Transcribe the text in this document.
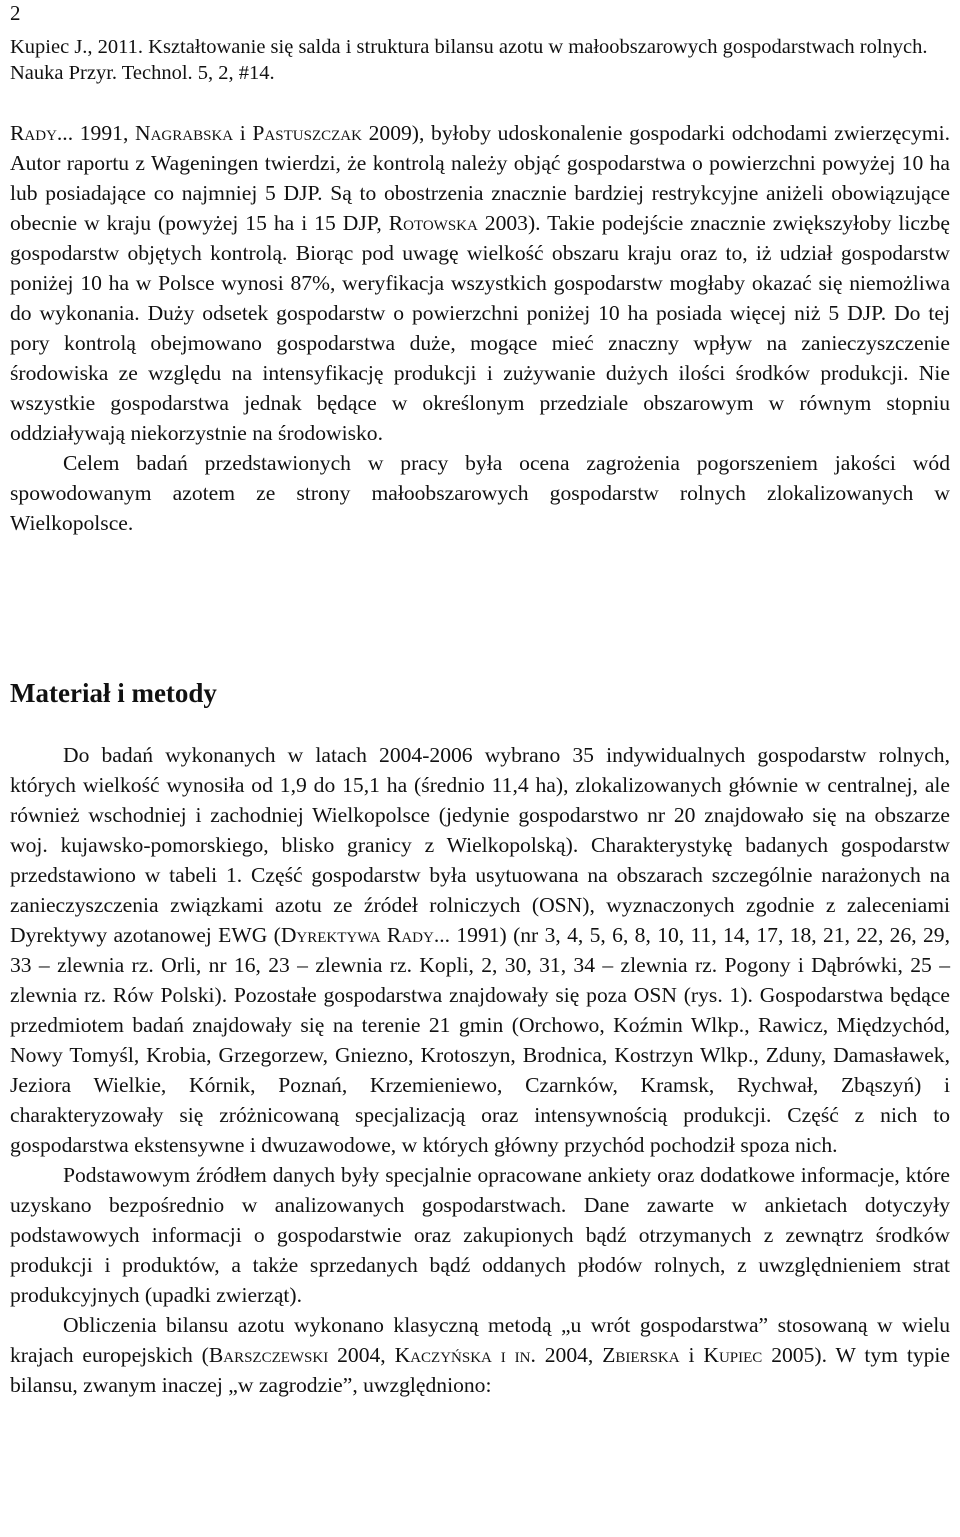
2
Kupiec J., 2011. Kształtowanie się salda i struktura bilansu azotu w małoobszarowych gospodarstwach rolnych.
Nauka Przyr. Technol. 5, 2, #14.

Rady... 1991, Nagrabska i Pastuszczak 2009), byłoby udoskonalenie gospodarki odchodami zwierzęcymi. Autor raportu z Wageningen twierdzi, że kontrolą należy objąć gospodarstwa o powierzchni powyżej 10 ha lub posiadające co najmniej 5 DJP. Są to obostrzenia znacznie bardziej restrykcyjne aniżeli obowiązujące obecnie w kraju (powyżej 15 ha i 15 DJP, Rotowska 2003). Takie podejście znacznie zwiększyłoby liczbę gospodarstw objętych kontrolą. Biorąc pod uwagę wielkość obszaru kraju oraz to, iż udział gospodarstw poniżej 10 ha w Polsce wynosi 87%, weryfikacja wszystkich gospodarstw mogłaby okazać się niemożliwa do wykonania. Duży odsetek gospodarstw o powierzchni poniżej 10 ha posiada więcej niż 5 DJP. Do tej pory kontrolą obejmowano gospodarstwa duże, mogące mieć znaczny wpływ na zanieczyszczenie środowiska ze względu na intensyfikację produkcji i zużywanie dużych ilości środków produkcji. Nie wszystkie gospodarstwa jednak będące w określonym przedziale obszarowym w równym stopniu oddziaływają niekorzystnie na środowisko.

Celem badań przedstawionych w pracy była ocena zagrożenia pogorszeniem jakości wód spowodowanym azotem ze strony małoobszarowych gospodarstw rolnych zlokalizowanych w Wielkopolsce.

Materiał i metody

Do badań wykonanych w latach 2004-2006 wybrano 35 indywidualnych gospodarstw rolnych, których wielkość wynosiła od 1,9 do 15,1 ha (średnio 11,4 ha), zlokalizowanych głównie w centralnej, ale również wschodniej i zachodniej Wielkopolsce (jedynie gospodarstwo nr 20 znajdowało się na obszarze woj. kujawsko-pomorskiego, blisko granicy z Wielkopolską). Charakterystykę badanych gospodarstw przedstawiono w tabeli 1. Część gospodarstw była usytuowana na obszarach szczególnie narażonych na zanieczyszczenia związkami azotu ze źródeł rolniczych (OSN), wyznaczonych zgodnie z zaleceniami Dyrektywy azotanowej EWG (Dyrektywa Rady... 1991) (nr 3, 4, 5, 6, 8, 10, 11, 14, 17, 18, 21, 22, 26, 29, 33 – zlewnia rz. Orli, nr 16, 23 – zlewnia rz. Kopli, 2, 30, 31, 34 – zlewnia rz. Pogony i Dąbrówki, 25 – zlewnia rz. Rów Polski). Pozostałe gospodarstwa znajdowały się poza OSN (rys. 1). Gospodarstwa będące przedmiotem badań znajdowały się na terenie 21 gmin (Orchowo, Koźmin Wlkp., Rawicz, Międzychód, Nowy Tomyśl, Krobia, Grzegorzew, Gniezno, Krotoszyn, Brodnica, Kostrzyn Wlkp., Zduny, Damasławek, Jeziora Wielkie, Kórnik, Poznań, Krzemieniewo, Czarnków, Kramsk, Rychwał, Zbąszyń) i charakteryzowały się zróżnicowaną specjalizacją oraz intensywnością produkcji. Część z nich to gospodarstwa ekstensywne i dwuzawodowe, w których główny przychód pochodził spoza nich.

Podstawowym źródłem danych były specjalnie opracowane ankiety oraz dodatkowe informacje, które uzyskano bezpośrednio w analizowanych gospodarstwach. Dane zawarte w ankietach dotyczyły podstawowych informacji o gospodarstwie oraz zakupionych bądź otrzymanych z zewnątrz środków produkcji i produktów, a także sprzedanych bądź oddanych płodów rolnych, z uwzględnieniem strat produkcyjnych (upadki zwierząt).

Obliczenia bilansu azotu wykonano klasyczną metodą „u wrót gospodarstwa” stosowaną w wielu krajach europejskich (Barszczewski 2004, Kaczyńska i in. 2004, Zbierska i Kupiec 2005). W tym typie bilansu, zwanym inaczej „w zagrodzie”, uwzględniono:
